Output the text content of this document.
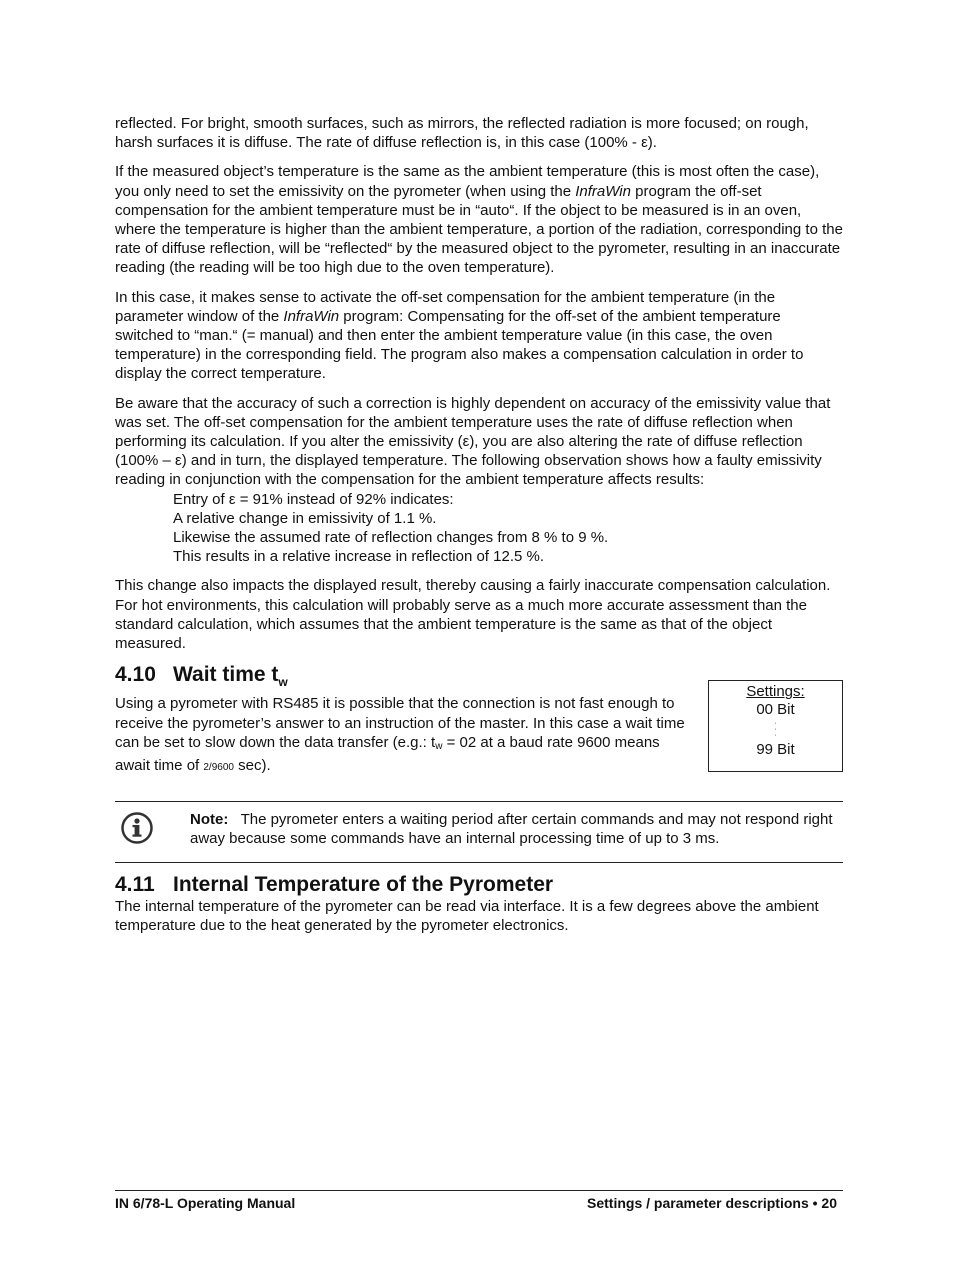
reflected. For bright, smooth surfaces, such as mirrors, the reflected radiation is more focused; on rough, harsh surfaces it is diffuse. The rate of diffuse reflection is, in this case (100% - ε).

If the measured object’s temperature is the same as the ambient temperature (this is most often the case), you only need to set the emissivity on the pyrometer (when using the InfraWin program the off-set compensation for the ambient temperature must be in “auto“. If the object to be measured is in an oven, where the temperature is higher than the ambient temperature, a portion of the radiation, corresponding to the rate of diffuse reflection, will be “reflected“ by the measured object to the pyrometer, resulting in an inaccurate reading (the reading will be too high due to the oven temperature).

In this case, it makes sense to activate the off-set compensation for the ambient temperature (in the parameter window of the InfraWin program: Compensating for the off-set of the ambient temperature switched to “man.“ (= manual) and then enter the ambient temperature value (in this case, the oven temperature) in the corresponding field. The program also makes a compensation calculation in order to display the correct temperature.

Be aware that the accuracy of such a correction is highly dependent on accuracy of the emissivity value that was set. The off-set compensation for the ambient temperature uses the rate of diffuse reflection when performing its calculation. If you alter the emissivity (ε), you are also altering the rate of diffuse reflection (100% – ε) and in turn, the displayed temperature. The following observation shows how a faulty emissivity reading in conjunction with the compensation for the ambient temperature affects results:

Entry of ε = 91% instead of 92% indicates:
A relative change in emissivity of 1.1 %.
Likewise the assumed rate of reflection changes from 8 % to 9 %.
This results in a relative increase in reflection of 12.5 %.

This change also impacts the displayed result, thereby causing a fairly inaccurate compensation calculation. For hot environments, this calculation will probably serve as a much more accurate assessment than the standard calculation, which assumes that the ambient temperature is the same as that of the object measured.

4.10 Wait time $t_w$

Using a pyrometer with RS485 it is possible that the connection is not fast enough to receive the pyrometer’s answer to an instruction of the master. In this case a wait time can be set to slow down the data transfer (e.g.: $t_w = 02$ at a baud rate 9600 means await time of 2/9600 sec).

Settings:
00 Bit
·
·
·
99 Bit

Note: The pyrometer enters a waiting period after certain commands and may not respond right away because some commands have an internal processing time of up to 3 ms.

4.11 Internal Temperature of the Pyrometer

The internal temperature of the pyrometer can be read via interface. It is a few degrees above the ambient temperature due to the heat generated by the pyrometer electronics.

IN 6/78-L Operating Manual	Settings / parameter descriptions • 20
